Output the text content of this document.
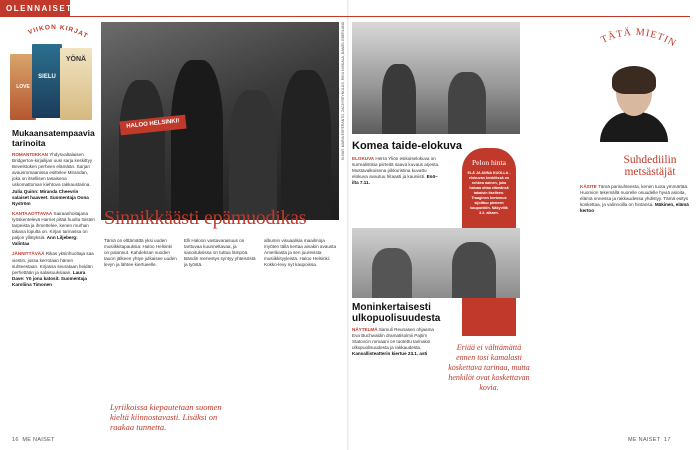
OLENNAISET
VIIKON KIRJAT
LOVE
SIELU
YÖNÄ
Mukaansatempaavia tarinoita

ROMANTIIKKAN Yhdysvaltalaisen Bridgerton-kirjailijan uusi sarja keskittyy Bevelstoken perheen elämään. Sarjan avausromaanissa esittelee Mirandan, joka on itsellisen tasaisena uskomattoman kiehtova rakkaustarina. Julia Quinn: Miranda Cheevrin salaiset haaveet. Suomentaja Oona Nyström

KANTAAOTTAVAA Sairaanhoitajana työskentelevä Harriet pitää huolta toisten tarpeista ja ihmettelee, kenen murhan takana lopulta on. Kirjan tarinassa on paljon yllätyksiä. Ann Liljeberg: Valintaa

JÄNNITTÄVÄÄ Rikas yksinhuoltaja saa viestin, jossa kerrotaan hänen suhteestaan. Kirjassa seurataan heidän perhettään ja salaisuuksiaan. Laura Dave: Yö jona katosit. Suomentaja Karoliina Timonen

HALOO HELSINKI!
Sinnikkäästi epämuodikas

Tämä on elttämättä yksi uuden musiikkitapauksia: Haloo Helsinki on palannut. Kahdeksan vuoden tauon jälkeen yhtye julkaisee uuden levyn ja lähtee kiertueelle.

Elli Haloon vastavaraisuus on tarttuvaa kuunneltavaa, ja sanoituksissa on tuttua lämpöä. Bändin menestys syntyy yhteisöstä ja työstä.

albumin visuaalisia maailmoja myöten tällä kertaa ainakin avausta Amerikasta ja sen juurevista musiikkityyleistä. Haloo Helsinki: Kokko-levy nyt kaupoissa.

Lyriikoissa kiepautetaan suomen kieltä kiinnostavasti. Lisäksi on raakaa tunnetta.
KUVAT: MARIA ESPERANTO, ZACH REYNOLDS, RIKU NISKALA, DANIEL EBERLAND Komea taide-elokuva

ELOKUVA Herra Yliön esikoiselokuva on surrealistisia piirteitä saava kuvaus arjesta. Mustavalkoisena pikkuristina kuvattu elokuva avautuu hitaasti ja kauniisti. Enö–ilta 7.11.

Pelon hinta
ELÄ JA ANNA KUOLLA - elokuvan keskiössä on rohkea nainen, joka haluaa ottaa elämänsä takaisin itselleen. Traaginen kertomus sijoittuu pieneen kaupunkiin. Näkyvillä 3.2. alkaen.
Moninkertaisesti ulkopuolisuudesta

NÄYTELMÄ Samuli Reunasen ohjaama Eva Buchwaldin dramatisoimii Pajtim Statovcin romaani on tuotettu tarinaksi ulkopuolisuudesta ja rakkaudesta. Kansallisteatterin kiertue 23.1. asti

Eriää ei välttämättä ennen tosi kamalasti koskettava tarinaa, mutta henkilöt ovat koskettavan kovia.
TÄTÄ MIETIN
Suhdediilin metsästäjät

KÄSITE Tämä parisuhteesta, kenen tuota ymmärtää. Huomion tekemällä nuorelle osuudelle hyviä asioita, elämä onnessa ja rakkaudessa yhdistyy. Tämä esitys koskettaa, ja valinnoilla on hintansa. Mäkinen, elämä kertoo

16 ME NAISET	ME NAISET 17
